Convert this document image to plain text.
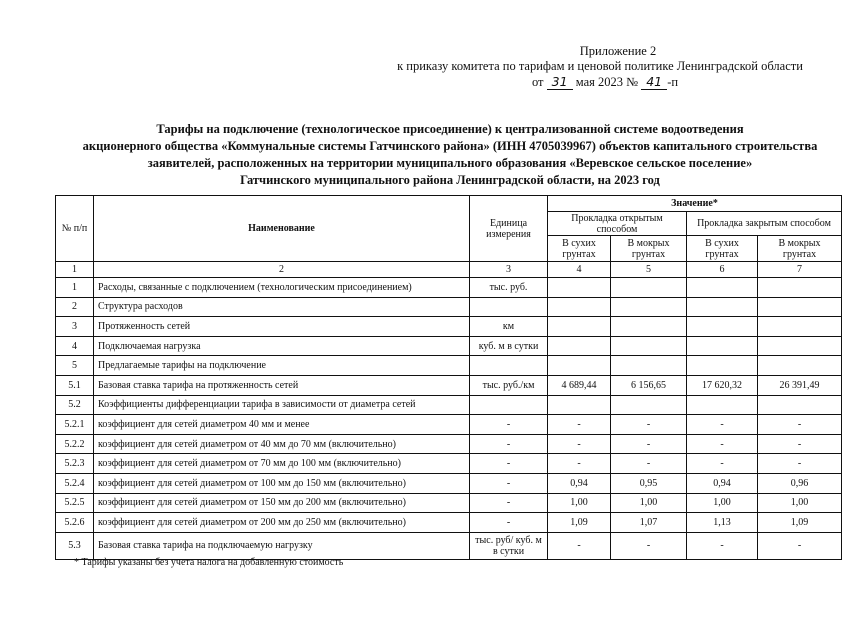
Приложение 2
к приказу комитета по тарифам и ценовой политике Ленинградской области
от 31 мая 2023 № 41 -п
Тарифы на подключение (технологическое присоединение) к централизованной системе водоотведения
акционерного общества «Коммунальные системы Гатчинского района» (ИНН 4705039967) объектов капитального строительства
заявителей, расположенных на территории муниципального образования «Веревское сельское поселение»
Гатчинского муниципального района Ленинградской области, на 2023 год
№ п/п	Наименование	Единица измерения	Значение*			
			Прокладка открытым способом		Прокладка закрытым способом	
			В сухих грунтах	В мокрых грунтах	В сухих грунтах	В мокрых грунтах
1	2	3	4	5	6	7
1	Расходы, связанные с подключением (технологическим присоединением)	тыс. руб.				
2	Структура расходов					
3	Протяженность сетей	км				
4	Подключаемая нагрузка	куб. м в сутки				
5	Предлагаемые тарифы на подключение					
5.1	Базовая ставка тарифа на протяженность сетей	тыс. руб./км	4 689,44	6 156,65	17 620,32	26 391,49
5.2	Коэффициенты дифференциации тарифа в зависимости от диаметра сетей					
5.2.1	коэффициент для сетей диаметром 40 мм и менее	-	-	-	-	-
5.2.2	коэффициент для сетей диаметром от 40 мм до 70 мм (включительно)	-	-	-	-	-
5.2.3	коэффициент для сетей диаметром от 70 мм до 100 мм (включительно)	-	-	-	-	-
5.2.4	коэффициент для сетей диаметром от 100 мм до 150 мм (включительно)	-	0,94	0,95	0,94	0,96
5.2.5	коэффициент для сетей диаметром от 150 мм до 200 мм (включительно)	-	1,00	1,00	1,00	1,00
5.2.6	коэффициент для сетей диаметром от 200 мм до 250 мм (включительно)	-	1,09	1,07	1,13	1,09
5.3	Базовая ставка тарифа на подключаемую нагрузку	тыс. руб/ куб. м в сутки	-	-	-	-
* Тарифы указаны без учета налога на добавленную стоимость
